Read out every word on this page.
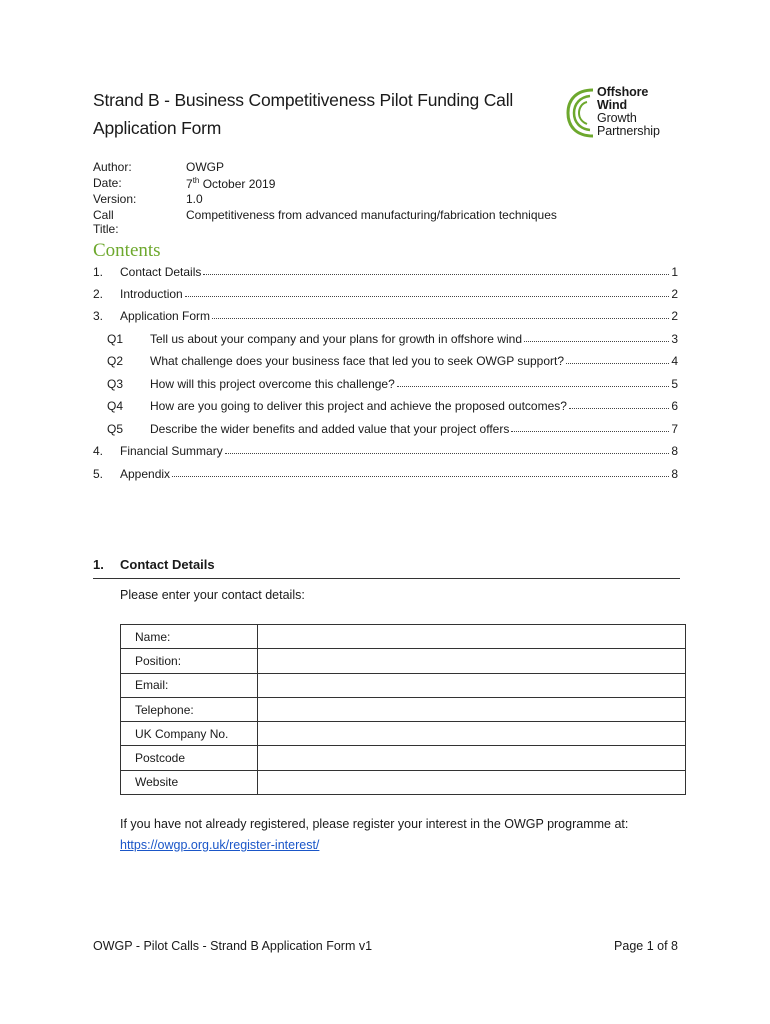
Strand B - Business Competitiveness Pilot Funding Call
Application Form
Offshore
Wind
Growth
Partnership
Author:	OWGP
Date:	7th October 2019
Version:	1.0
Call Title:
Competitiveness from advanced manufacturing/fabrication techniques
Contents
1. Contact Details	1
2. Introduction	2
3. Application Form	2
Q1 Tell us about your company and your plans for growth in offshore wind	3
Q2 What challenge does your business face that led you to seek OWGP support?	4
Q3 How will this project overcome this challenge?	5
Q4 How are you going to deliver this project and achieve the proposed outcomes?	6
Q5 Describe the wider benefits and added value that your project offers	7
4. Financial Summary	8
5. Appendix	8
1. Contact Details
Please enter your contact details:
Name:	
Position:	
Email:	
Telephone:	
UK Company No.	
Postcode	
Website	
If you have not already registered, please register your interest in the OWGP programme at:
https://owgp.org.uk/register-interest/
OWGP - Pilot Calls - Strand B Application Form v1	Page 1 of 8
